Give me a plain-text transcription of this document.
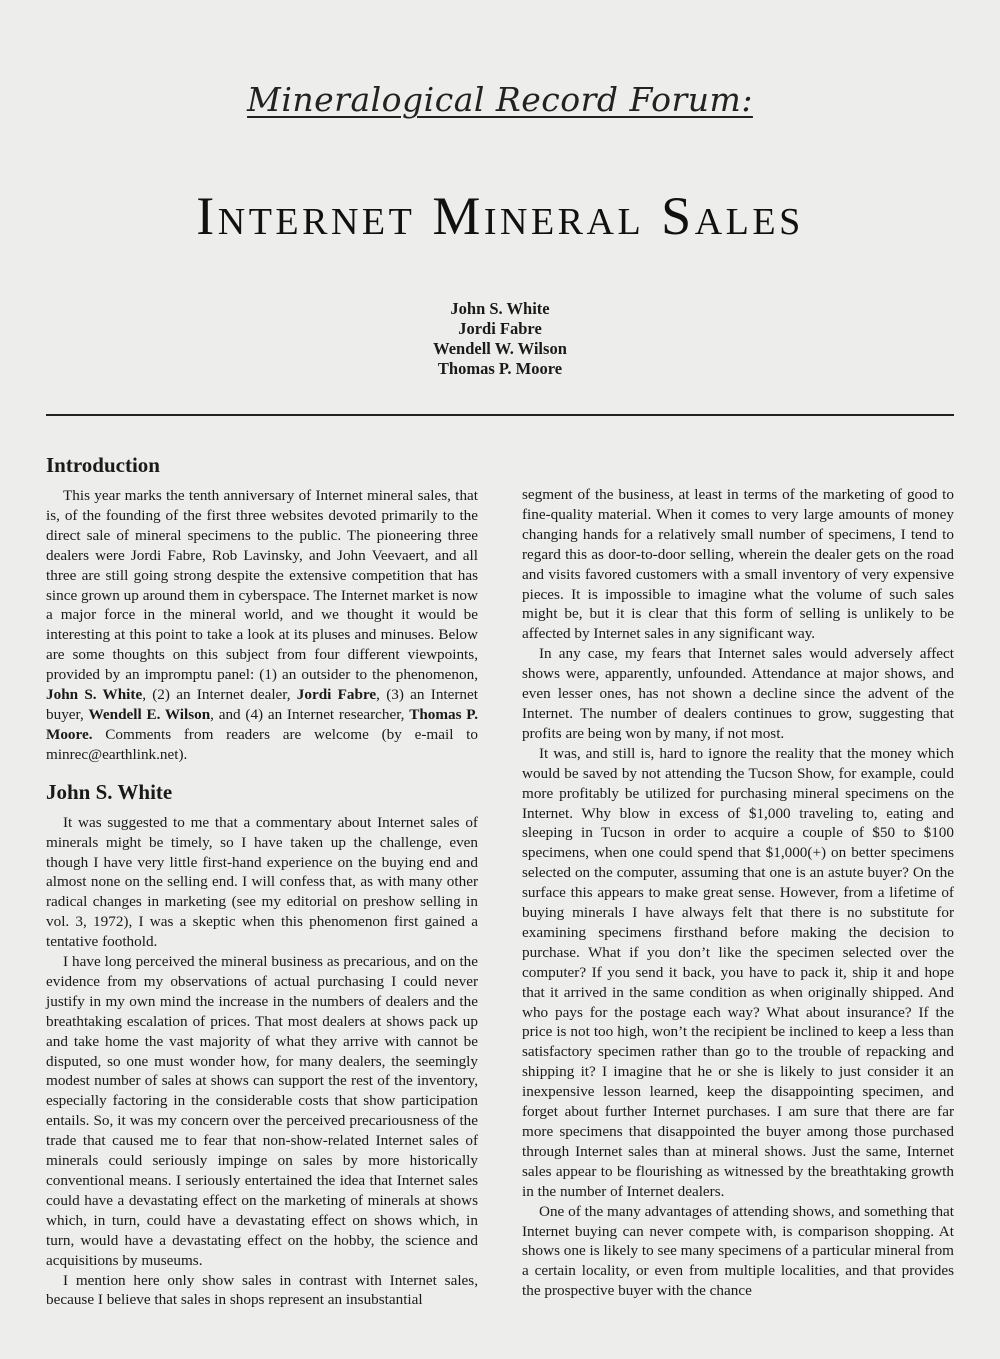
Mineralogical Record Forum:
Internet Mineral Sales
John S. White
Jordi Fabre
Wendell W. Wilson
Thomas P. Moore
Introduction

This year marks the tenth anniversary of Internet mineral sales, that is, of the founding of the first three websites devoted primarily to the direct sale of mineral specimens to the public. The pioneering three dealers were Jordi Fabre, Rob Lavinsky, and John Veevaert, and all three are still going strong despite the extensive competition that has since grown up around them in cyberspace. The Internet market is now a major force in the mineral world, and we thought it would be interesting at this point to take a look at its pluses and minuses. Below are some thoughts on this subject from four different viewpoints, provided by an impromptu panel: (1) an outsider to the phenomenon, John S. White, (2) an Internet dealer, Jordi Fabre, (3) an Internet buyer, Wendell E. Wilson, and (4) an Internet researcher, Thomas P. Moore. Comments from readers are welcome (by e-mail to minrec@earthlink.net).

John S. White

It was suggested to me that a commentary about Internet sales of minerals might be timely, so I have taken up the challenge, even though I have very little first-hand experience on the buying end and almost none on the selling end. I will confess that, as with many other radical changes in marketing (see my editorial on preshow selling in vol. 3, 1972), I was a skeptic when this phenomenon first gained a tentative foothold.

I have long perceived the mineral business as precarious, and on the evidence from my observations of actual purchasing I could never justify in my own mind the increase in the numbers of dealers and the breathtaking escalation of prices. That most dealers at shows pack up and take home the vast majority of what they arrive with cannot be disputed, so one must wonder how, for many dealers, the seemingly modest number of sales at shows can support the rest of the inventory, especially factoring in the considerable costs that show participation entails. So, it was my concern over the perceived precariousness of the trade that caused me to fear that non-show-related Internet sales of minerals could seriously impinge on sales by more historically conventional means. I seriously entertained the idea that Internet sales could have a devastating effect on the marketing of minerals at shows which, in turn, could have a devastating effect on shows which, in turn, would have a devastating effect on the hobby, the science and acquisitions by museums.

I mention here only show sales in contrast with Internet sales, because I believe that sales in shops represent an insubstantial

segment of the business, at least in terms of the marketing of good to fine-quality material. When it comes to very large amounts of money changing hands for a relatively small number of specimens, I tend to regard this as door-to-door selling, wherein the dealer gets on the road and visits favored customers with a small inventory of very expensive pieces. It is impossible to imagine what the volume of such sales might be, but it is clear that this form of selling is unlikely to be affected by Internet sales in any significant way.

In any case, my fears that Internet sales would adversely affect shows were, apparently, unfounded. Attendance at major shows, and even lesser ones, has not shown a decline since the advent of the Internet. The number of dealers continues to grow, suggesting that profits are being won by many, if not most.

It was, and still is, hard to ignore the reality that the money which would be saved by not attending the Tucson Show, for example, could more profitably be utilized for purchasing mineral specimens on the Internet. Why blow in excess of $1,000 traveling to, eating and sleeping in Tucson in order to acquire a couple of $50 to $100 specimens, when one could spend that $1,000(+) on better specimens selected on the computer, assuming that one is an astute buyer? On the surface this appears to make great sense. However, from a lifetime of buying minerals I have always felt that there is no substitute for examining specimens firsthand before making the decision to purchase. What if you don’t like the specimen selected over the computer? If you send it back, you have to pack it, ship it and hope that it arrived in the same condition as when originally shipped. And who pays for the postage each way? What about insurance? If the price is not too high, won’t the recipient be inclined to keep a less than satisfactory specimen rather than go to the trouble of repacking and shipping it? I imagine that he or she is likely to just consider it an inexpensive lesson learned, keep the disappointing specimen, and forget about further Internet purchases. I am sure that there are far more specimens that disappointed the buyer among those purchased through Internet sales than at mineral shows. Just the same, Internet sales appear to be flourishing as witnessed by the breathtaking growth in the number of Internet dealers.

One of the many advantages of attending shows, and something that Internet buying can never compete with, is comparison shopping. At shows one is likely to see many specimens of a particular mineral from a certain locality, or even from multiple localities, and that provides the prospective buyer with the chance
